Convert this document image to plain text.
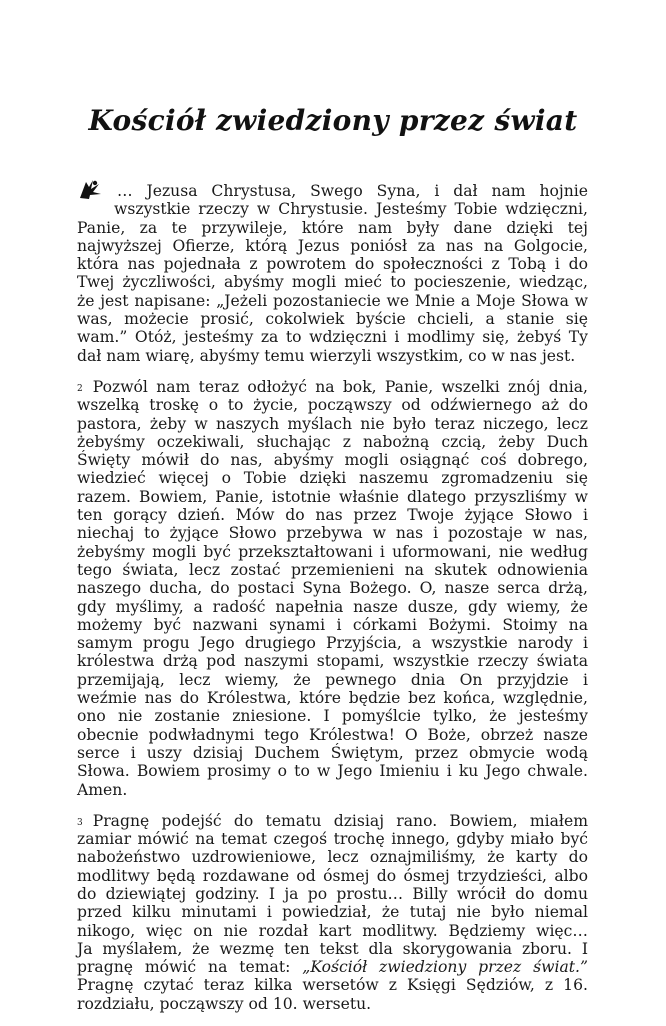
Kościół zwiedziony przez świat
… Jezusa Chrystusa, Swego Syna, i dał nam hojnie
wszystkie rzeczy w Chrystusie. Jesteśmy Tobie wdzięczni,
Panie, za te przywileje, które nam były dane dzięki tej
najwyższej Ofierze, którą Jezus poniósł za nas na Golgocie,
która nas pojednała z powrotem do społeczności z Tobą i do
Twej życzliwości, abyśmy mogli mieć to pocieszenie, wiedząc,
że jest napisane: „Jeżeli pozostaniecie we Mnie a Moje Słowa w
was, możecie prosić, cokolwiek byście chcieli, a stanie się
wam.” Otóż, jesteśmy za to wdzięczni i modlimy się, żebyś Ty
dał nam wiarę, abyśmy temu wierzyli wszystkim, co w nas jest.
$^2$ Pozwól nam teraz odłożyć na bok, Panie, wszelki znój dnia,
wszelką troskę o to życie, począwszy od odźwiernego aż do
pastora, żeby w naszych myślach nie było teraz niczego, lecz
żebyśmy oczekiwali, słuchając z nabożną czcią, żeby Duch
Święty mówił do nas, abyśmy mogli osiągnąć coś dobrego,
wiedzieć więcej o Tobie dzięki naszemu zgromadzeniu się
razem. Bowiem, Panie, istotnie właśnie dlatego przyszliśmy w
ten gorący dzień. Mów do nas przez Twoje żyjące Słowo i
niechaj to żyjące Słowo przebywa w nas i pozostaje w nas,
żebyśmy mogli być przekształtowani i uformowani, nie według
tego świata, lecz zostać przemienieni na skutek odnowienia
naszego ducha, do postaci Syna Bożego. O, nasze serca drżą,
gdy myślimy, a radość napełnia nasze dusze, gdy wiemy, że
możemy być nazwani synami i córkami Bożymi. Stoimy na
samym progu Jego drugiego Przyjścia, a wszystkie narody i
królestwa drżą pod naszymi stopami, wszystkie rzeczy świata
przemijają, lecz wiemy, że pewnego dnia On przyjdzie i
weźmie nas do Królestwa, które będzie bez końca, względnie,
ono nie zostanie zniesione. I pomyślcie tylko, że jesteśmy
obecnie podwładnymi tego Królestwa! O Boże, obrzeż nasze
serce i uszy dzisiaj Duchem Świętym, przez obmycie wodą
Słowa. Bowiem prosimy o to w Jego Imieniu i ku Jego chwale.
Amen.
$^3$ Pragnę podejść do tematu dzisiaj rano. Bowiem, miałem
zamiar mówić na temat czegoś trochę innego, gdyby miało być
nabożeństwo uzdrowieniowe, lecz oznajmiliśmy, że karty do
modlitwy będą rozdawane od ósmej do ósmej trzydzieści, albo
do dziewiątej godziny. I ja po prostu… Billy wrócił do domu
przed kilku minutami i powiedział, że tutaj nie było niemal
nikogo, więc on nie rozdał kart modlitwy. Będziemy więc…
Ja myślałem, że wezmę ten tekst dla skorygowania zboru. I
pragnę mówić na temat: „Kościół zwiedziony przez świat.”
Pragnę czytać teraz kilka wersetów z Księgi Sędziów, z 16.
rozdziału, począwszy od 10. wersetu.
